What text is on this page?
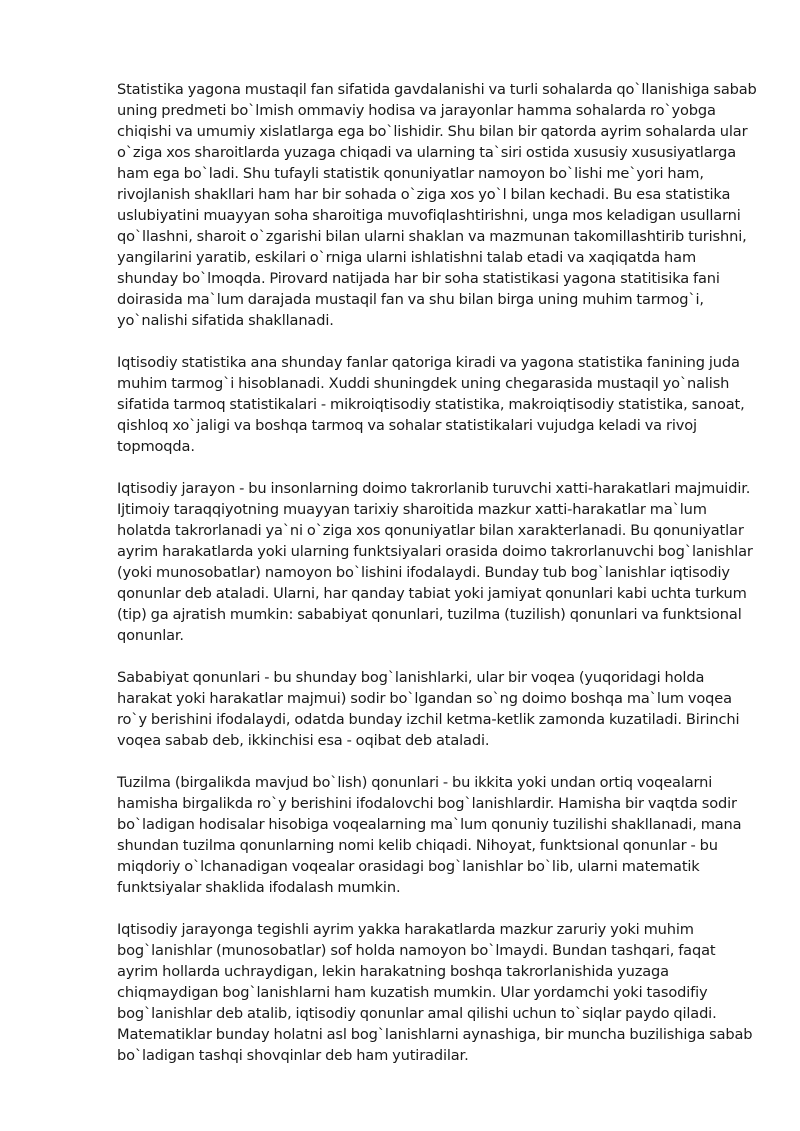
Statistika yagona mustaqil fan sifatida gavdalanishi va turli sohalarda qo`llanishiga sabab uning predmeti bo`lmish ommaviy hodisa va jarayonlar hamma sohalarda ro`yobga chiqishi va umumiy xislatlarga ega bo`lishidir. Shu bilan bir qatorda ayrim sohalarda ular o`ziga xos sharoitlarda yuzaga chiqadi va ularning ta`siri ostida xususiy xususiyatlarga ham ega bo`ladi. Shu tufayli statistik qonuniyatlar namoyon bo`lishi me`yori ham, rivojlanish shakllari ham har bir sohada o`ziga xos yo`l bilan kechadi. Bu esa statistika uslubiyatini muayyan soha sharoitiga muvofiqlashtirishni, unga mos keladigan usullarni qo`llashni, sharoit o`zgarishi bilan ularni shaklan va mazmunan takomillashtirib turishni, yangilarini yaratib, eskilari o`rniga ularni ishlatishni talab etadi va xaqiqatda ham shunday bo`lmoqda. Pirovard natijada har bir soha statistikasi yagona statitisika fani doirasida ma`lum darajada mustaqil fan va shu bilan birga uning muhim tarmog`i, yo`nalishi sifatida shakllanadi.

Iqtisodiy statistika ana shunday fanlar qatoriga kiradi va yagona statistika fanining juda muhim tarmog`i hisoblanadi. Xuddi shuningdek uning chegarasida mustaqil yo`nalish sifatida tarmoq statistikalari - mikroiqtisodiy statistika, makroiqtisodiy statistika, sanoat, qishloq xo`jaligi va boshqa tarmoq va sohalar statistikalari vujudga keladi va rivoj topmoqda.

Iqtisodiy jarayon - bu insonlarning doimo takrorlanib turuvchi xatti-harakatlari majmuidir. Ijtimoiy taraqqiyotning muayyan tarixiy sharoitida mazkur xatti-harakatlar ma`lum holatda takrorlanadi ya`ni o`ziga xos qonuniyatlar bilan xarakterlanadi. Bu qonuniyatlar ayrim harakatlarda yoki ularning funktsiyalari orasida doimo takrorlanuvchi bog`lanishlar (yoki munosobatlar) namoyon bo`lishini ifodalaydi. Bunday tub bog`lanishlar iqtisodiy qonunlar deb ataladi. Ularni, har qanday tabiat yoki jamiyat qonunlari kabi uchta turkum (tip) ga ajratish mumkin: sababiyat qonunlari, tuzilma (tuzilish) qonunlari va funktsional qonunlar.

Sababiyat qonunlari - bu shunday bog`lanishlarki, ular bir voqea (yuqoridagi holda harakat yoki harakatlar majmui) sodir bo`lgandan so`ng doimo boshqa ma`lum voqea ro`y berishini ifodalaydi, odatda bunday izchil ketma-ketlik zamonda kuzatiladi. Birinchi voqea sabab deb, ikkinchisi esa - oqibat deb ataladi.

Tuzilma (birgalikda mavjud bo`lish) qonunlari - bu ikkita yoki undan ortiq voqealarni hamisha birgalikda ro`y berishini ifodalovchi bog`lanishlardir. Hamisha bir vaqtda sodir bo`ladigan hodisalar hisobiga voqealarning ma`lum qonuniy tuzilishi shakllanadi, mana shundan tuzilma qonunlarning nomi kelib chiqadi. Nihoyat, funktsional qonunlar - bu miqdoriy o`lchanadigan voqealar orasidagi bog`lanishlar bo`lib, ularni matematik funktsiyalar shaklida ifodalash mumkin.

Iqtisodiy jarayonga tegishli ayrim yakka harakatlarda mazkur zaruriy yoki muhim bog`lanishlar (munosobatlar) sof holda namoyon bo`lmaydi. Bundan tashqari, faqat ayrim hollarda uchraydigan, lekin harakatning boshqa takrorlanishida yuzaga chiqmaydigan bog`lanishlarni ham kuzatish mumkin. Ular yordamchi yoki tasodifiy bog`lanishlar deb atalib, iqtisodiy qonunlar amal qilishi uchun to`siqlar paydo qiladi. Matematiklar bunday holatni asl bog`lanishlarni aynashiga, bir muncha buzilishiga sabab bo`ladigan tashqi shovqinlar deb ham yutiradilar.
